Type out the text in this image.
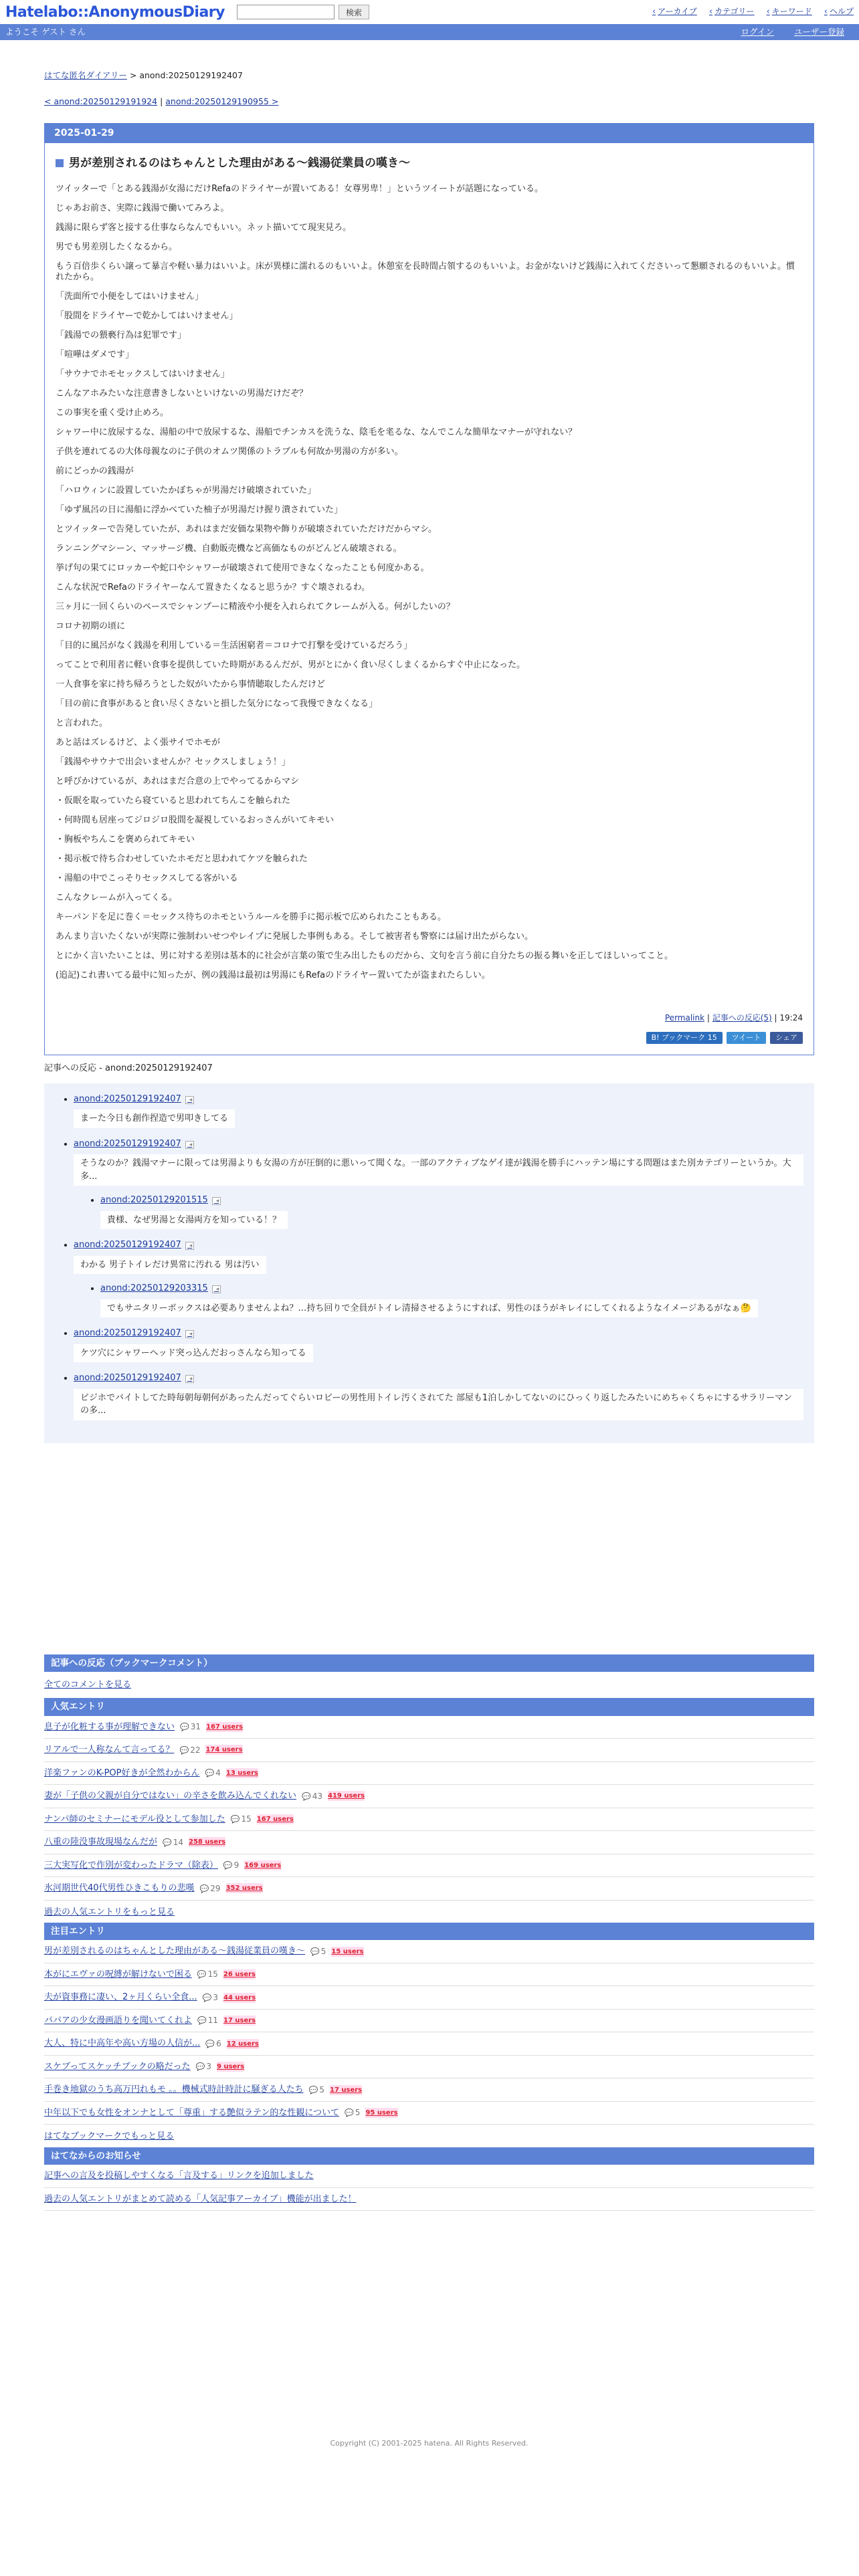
Hatelabo::AnonymousDiary	検索	‹ アーカイブ	‹ カテゴリー	‹ キーワード	‹ ヘルプ
ようこそ ゲスト さん	ログイン ユーザー登録
はてな匿名ダイアリー > anond:20250129192407
< anond:20250129191924 | anond:20250129190955 >
2025-01-29
男が差別されるのはちゃんとした理由がある〜銭湯従業員の嘆き〜

ツイッターで「とある銭湯が女湯にだけRefaのドライヤーが置いてある！女尊男卑！」というツイートが話題になっている。

じゃあお前さ、実際に銭湯で働いてみろよ。

銭湯に限らず客と接する仕事ならなんでもいい。ネット描いてて現実見ろ。

男でも男差別したくなるから。

もう百倍歩くらい譲って暴言や軽い暴力はいいよ。床が異様に濡れるのもいいよ。休憩室を長時間占領するのもいいよ。お金がないけど銭湯に入れてくださいって懇願されるのもいいよ。慣れたから。

「洗面所で小便をしてはいけません」

「股間をドライヤーで乾かしてはいけません」

「銭湯での猥褻行為は犯罪です」

「喧嘩はダメです」

「サウナでホモセックスしてはいけません」

こんなアホみたいな注意書きしないといけないの男湯だけだぞ？

この事実を重く受け止めろ。

シャワー中に放尿するな、湯船の中で放尿するな、湯船でチンカスを洗うな、陰毛を毟るな、なんでこんな簡単なマナーが守れない？

子供を連れてるの大体母親なのに子供のオムツ関係のトラブルも何故か男湯の方が多い。

前にどっかの銭湯が

「ハロウィンに設置していたかぼちゃが男湯だけ破壊されていた」

「ゆず風呂の日に湯船に浮かべていた柚子が男湯だけ握り潰されていた」

とツイッターで告発していたが、あれはまだ安価な果物や飾りが破壊されていただけだからマシ。

ランニングマシーン、マッサージ機、自動販売機など高価なものがどんどん破壊される。

挙げ句の果てにロッカーや蛇口やシャワーが破壊されて使用できなくなったことも何度かある。

こんな状況でRefaのドライヤーなんて置きたくなると思うか？すぐ壊されるわ。

三ヶ月に一回くらいのペースでシャンプーに精液や小便を入れられてクレームが入る。何がしたいの？

コロナ初期の頃に

「目的に風呂がなく銭湯を利用している＝生活困窮者＝コロナで打撃を受けているだろう」

ってことで利用者に軽い食事を提供していた時期があるんだが、男がとにかく食い尽くしまくるからすぐ中止になった。

一人食事を家に持ち帰ろうとした奴がいたから事情聴取したんだけど

「目の前に食事があると食い尽くさないと損した気分になって我慢できなくなる」

と言われた。

あと話はズレるけど、よく張サイでホモが

「銭湯やサウナで出会いませんか？セックスしましょう！」

と呼びかけているが、あれはまだ合意の上でやってるからマシ

・仮眠を取っていたら寝ていると思われてちんこを触られた

・何時間も居座ってジロジロ股間を凝視しているおっさんがいてキモい

・胸板やちんこを褒められてキモい

・掲示板で待ち合わせしていたホモだと思われてケツを触られた

・湯船の中でこっそりセックスしてる客がいる

こんなクレームが入ってくる。

キーパンドを足に巻く＝セックス待ちのホモというルールを勝手に掲示板で広められたこともある。

あんまり言いたくないが実際に強制わいせつやレイプに発展した事例もある。そして被害者も警察には届け出たがらない。

とにかく言いたいことは、男に対する差別は基本的に社会が言葉の策で生み出したものだから、文句を言う前に自分たちの振る舞いを正してほしいってこと。

(追記)これ書いてる最中に知ったが、例の銭湯は最初は男湯にもRefaのドライヤー置いてたが盗まれたらしい。

Permalink | 記事への反応(5) | 19:24
B! ブックマーク 15	ツイート	シェア
記事への反応 - anond:20250129192407
• anond:20250129192407 ◂
まーた今日も創作捏造で男叩きしてる
• anond:20250129192407 ◂
そうなのか？銭湯マナーに限っては男湯よりも女湯の方が圧倒的に悪いって聞くな。一部のアクティブなゲイ達が銭湯を勝手にハッテン場にする問題はまた別カテゴリーというか。大多...
• anond:20250129201515 ◂
貴様、なぜ男湯と女湯両方を知っている！？
• anond:20250129192407 ◂
わかる 男子トイレだけ異常に汚れる 男は汚い
• anond:20250129203315 ◂
でもサニタリーボックスは必要ありませんよね？…持ち回りで全員がトイレ清掃させるようにすれば、男性のほうがキレイにしてくれるようなイメージあるがなぁ🤔
• anond:20250129192407 ◂
ケツ穴にシャワーヘッド突っ込んだおっさんなら知ってる
• anond:20250129192407 ◂
ビジホでバイトしてた時毎朝毎朝何があったんだってぐらいロビーの男性用トイレ汚くされてた 部屋も1泊しかしてないのにひっくり返したみたいにめちゃくちゃにするサラリーマンの多...
記事への反応（ブックマークコメント）
全てのコメントを見る
人気エントリ
息子が化粧する事が理解できない	💬 31 167 users
リアルで一人称なんて言ってる？	💬 22 174 users
洋楽ファンのK-POP好きが全然わからん	💬 4 13 users
妻が「子供の父親が自分ではない」の辛さを飲み込んでくれない	💬 43 419 users
ナンパ師のセミナーにモデル役として参加した	💬 15 167 users
八重の陸没事故現場なんだが	💬 14 258 users
三大実写化で作別が変わったドラマ（除表）	💬 9 169 users
氷河期世代40代男性ひきこもりの悲嘆	💬 29 352 users
過去の人気エントリをもっと見る
注目エントリ
男が差別されるのはちゃんとした理由がある〜銭湯従業員の嘆き〜	💬 5 15 users
本がにエヴァの呪縛が解けないで困る	💬 15 26 users
夫が資事務に凄い、2ヶ月くらい全食...	💬 3 44 users
パパアの少女漫画語りを聞いてくれよ	💬 11 17 users
大人、特に中高年や高い方場の人信が...	💬 6 12 users
スケブってスケッチブックの略だった	💬 3 9 users
手巻き地獄のうち高万円れもモ 。。機械式時計時計に騒ぎる人たち	💬 5 17 users
中年以下でも女性をオンナとして「尊重」する艶似ラテン的な性観について	💬 5 95 users
はてなブックマークでもっと見る
はてなからのお知らせ
記事への言及を投稿しやすくなる「言及する」リンクを追加しました
過去の人気エントリがまとめて読める「人気記事アーカイブ」機能が出ました！
Copyright (C) 2001-2025 hatena. All Rights Reserved.
